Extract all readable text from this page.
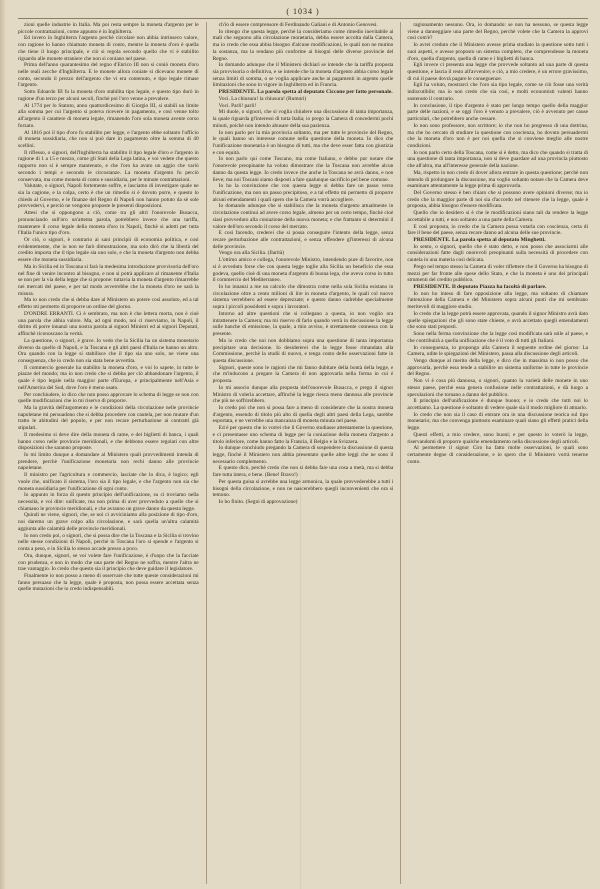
( 1034 )

zioni quelle industrie in Italia. Ma poi resta sempre la moneta d'argento per le piccole contrattazioni, come appunto è in Inghilterra.

Ed invero in Inghilterra l'argento perchè circolare non abbia intrinseco valore, con ragione lo hanno chiamato moneta di conto, mentre la moneta d'oro è quella che tiene il luogo principale, e ciò si regola secondo quello che vi è stabilito riguardo alle monete straniere che non si coniano nel paese.

Prima dell'anno quarantesimo del regno d'Enrico III non si coniò moneta d'oro nelle reali zecche d'Inghilterra. E le monete allora coniate si dicevano monete di conto, secondo il prezzo dell'argento che vi era contenuto, e tipo legale rimase l'argento.

Sotto Edoardo III fu la moneta d'oro stabilita tipo legale, e questo tipo durò in ragione d'un terzo per alcuni secoli, finchè poi l'oro venne a prevalere.

Al 1774 per lo Statuto, anno quattordicesimo di Giorgio III, si stabilì un limite alla somma per cui l'argento si poteva ricevere in pagamento, e così venne tolto all'argento il carattere di moneta legale, rimanendo l'oro sola moneta avente corso forzato.

Al 1816 poi il tipo d'oro fu stabilito per legge, e l'argento ebbe soltanto l'ufficio di moneta sussidiaria, che non si può dare in pagamento oltre la somma di 40 scellini.

Il riflesso, o signori, dell'Inghilterra ha stabilito il tipo legale d'oro e l'argento in ragione di 1 a 15 e mezzo, come gli Stati della Lega latina, e voi vedete che questo rapporto non si è sempre mantenuto, e che l'oro ha avuto un aggio che variò secondo i tempi e secondo le circostanze. La moneta d'argento fu perciò conservata, ma come moneta di conto e sussidiaria, per le minute contrattazioni.

Valutate, o signori, Napoli fortemente soffre, e lasciamo di investigare quale ne sia la cagione, e la colpa, certo è che un rimedio si è dovuto porre, e questo lo chiedo al Governo, e le finanze del Regno di Napoli non hanno potuto da sè sole provvedervi, e perciò ne vengono proposte le presenti disposizioni.

Attesi che si oppongono a ciò, come tra gli altri l'onorevole Busacca, pronunciando sull'oro un'attenta parola, potrebbero invece che una tariffa, mantenere il corso legale della moneta d'oro in Napoli, finchè si adotti per tutta l'Italia l'unico tipo d'oro.

Or ciò, o signori, è contrario ai sani principii di economia politica, e così evidentemente, che io non ne farò dimostrazione, ma solo dirò che la libertà del credito importa che il tipo legale sia uno solo, e che la moneta d'argento non debba essere che moneta sussidiaria.

Ma in Sicilia ed in Toscana si farà la medesima introduzione provvisoria dell'oro nel fine di venire incontro al bisogno, e non si potrà applicare al rimanente d'Italia se non per la via della legge che si propone: tuttavia la moneta d'argento rimarrebbe nei mercati del paese, e per tal modo avverrebbe che la moneta d'oro ne sarà la misura.

Ma io non credo che si debba dare al Ministero un potere così assoluto, ed a tal effetto mi permetto di proporre un ordine del giorno.

D'ONDRE ERRANTI. Ci è sembrato, ma non è che lettera morta, non è cioè una parola che abbia valore. Ma, ad ogni modo, noi ci riserviamo, in Napoli, il diritto di porre innanzi una nostra parola ai signori Ministri ed ai signori Deputati, affinchè riconoscano la verità.

La questione, o signori, è grave. Io vedo che la Sicilia ha un sistema monetario diverso da quello di Napoli, e la Toscana e gli altri paesi d'Italia ne hanno un altro. Ora quando con la legge si stabilisce che il tipo sia uno solo, ne viene una conseguenza, che io credo non sia stata bene avvertita.

Il commercio generale ha stabilito la moneta d'oro, e voi lo sapete, in tutte le piazze del mondo; ma io non credo che si debba per ciò abbandonare l'argento, il quale è tipo legale nella maggior parte d'Europa, e principalmente nell'Asia e nell'America del Sud, dove l'oro è meno usato.

Per conchiudere, io dico che non posso approvare lo schema di legge se non con quelle modificazioni che io mi riservo di proporre.

Ma la gravità dell'argomento e le condizioni della circolazione nelle provincie napoletane mi persuadono che si debba procedere con cautela, per non mutare d'un tratto le abitudini del popolo, e per non recare perturbazione ai contratti già stipulati.

Il medesimo si deve dire della moneta di rame, e dei biglietti di banca, i quali hanno corso nelle provincie meridionali, e che debbono essere regolati con altre disposizioni che saranno proposte.

Io mi limito dunque a domandare al Ministero quali provvedimenti intenda di prendere, perchè l'unificazione monetaria non rechi danno alle provincie napoletane.

Il ministro per l'agricoltura e commercio, lasciate che lo dica, è logico; egli vuole che, unificato il sistema, l'oro sia il tipo legale, e che l'argento non sia che moneta sussidiaria per l'unificazione di ogni conto.

Io appunto in forza di questo principio dell'unificazione, su ci troviamo nella necessità, e voi dite: unificate, ma non prima di aver provveduto a quelle che si chiamano le provincie meridionali, e che avranno un grave danno da questa legge.

Quindi ne viene, signori, che, se noi ci avviciniamo alla posizione di tipo d'oro, noi daremo un grave colpo alla circolazione, e sarà quella un'altra calamità aggiunta alle calamità delle provincie meridionali.

Io non credo poi, o signori, che si possa dire che la Toscana e la Sicilia si trovino nelle stesse condizioni di Napoli, perchè in Toscana l'oro si spende e l'argento si conta a peso, e in Sicilia lo stesso accade presso a poco.

Ora, dunque, signori, se voi volete fare l'unificazione, è d'uopo che la facciate con prudenza, e non in modo che una parte del Regno ne soffra, mentre l'altra ne trae vantaggio. Io credo che questo sia il principio che deve guidare il legislatore.

Finalmente io non posso a meno di osservare che tutte queste considerazioni mi fanno persuaso che la legge, quale è proposta, non possa essere accettata senza quelle mutazioni che io credo indispensabili.

ch'io di essere comprensore di Ferdinando Galiani e di Antonio Genovesi.

Io ritengo che questa legge, perchè la consideriamo come rimedio inevitabile ai mali che seguono alla circolazione monetaria, debba essere accolta dalla Camera, ma io credo che essa abbia bisogno d'alcune modificazioni, le quali non ne mutino la sostanza, ma la rendano più conforme ai bisogni delle diverse provincie del Regno.

Io domando adunque che il Ministero dichiari se intende che la tariffa proposta sia provvisoria o definitiva, e se intende che la moneta d'argento abbia corso legale senza limiti di somma, o se voglia applicare anche ai pagamenti in argento quelle limitazioni che sono in vigore in Inghilterra ed in Francia.

PRESIDENTE. La parola spetta al deputato Ciccone per fatto personale.

Voci. La chiusura! la chiusura! (Rumori)

Voci. Parli! parli!

Mi duole, o signori, che si voglia chiudere una discussione di tanta importanza, la quale riguarda gl'interessi di tutta Italia; io prego la Camera di concedermi pochi minuti, poichè non intendo abusare della sua pazienza.

Io non parlo per la mia provincia soltanto, ma per tutte le provincie del Regno, le quali hanno un interesse comune nella questione della moneta. Io dico che l'unificazione monetaria è un bisogno di tutti, ma che deve esser fatta con giustizia e con equità.

Io non parlo qui come Toscano, ma come Italiano, e debbo pur notare che l'onorevole preopinante ha voluto dimostrare che la Toscana non avrebbe alcun danno da questa legge. Io credo invece che anche la Toscana ne avrà danno, e non lieve; ma noi Toscani siamo disposti a fare qualunque sacrificio pel bene comune.

Io ho la convinzione che con questa legge si debba fare un passo verso l'unificazione, ma non un passo precipitoso, e a tal effetto mi permetto di proporre alcuni emendamenti i quali spero che la Camera vorrà accogliere.

Io domando adunque che si stabilisca che la moneta d'argento attualmente in circolazione continui ad avere corso legale, almeno per un certo tempo, finchè cioè siasi provveduto alla coniazione della nuova moneta; e che frattanto si determini il valore dell'oro secondo il corso del mercato.

E così facendo, crederei che si possa conseguire l'intento della legge, senza recare perturbazione alle contrattazioni, e senza offendere gl'interessi di alcuna delle provincie.

Vengo ora alla Sicilia. (Ilarità)

L'ottimo amico e collega, l'onorevole Ministro, intendendo pure di favorire, non si è avveduto forse che con questa legge toglie alla Sicilia un beneficio che essa godeva, quello cioè di una moneta d'argento di buona lega, che aveva corso in tutto il commercio del Mediterraneo.

Io ho innanzi a me un calcolo che dimostra come nella sola Sicilia esistano in circolazione oltre a cento milioni di lire in moneta d'argento, le quali col nuovo sistema verrebbero ad essere deprezzate; e questo danno cadrebbe specialmente sopra i piccoli possidenti e sopra i lavoratori.

Intorno ad altre questioni che si collegano a questa, io non voglio ora intrattenere la Camera; ma mi riservo di farlo quando verrà in discussione la legge sulle banche di emissione, la quale, a mio avviso, è strettamente connessa con la presente.

Ma io credo che noi non dobbiamo sopra una questione di tanta importanza precipitare una decisione. Io desidererei che la legge fosse rimandata alla Commissione, perchè la studii di nuovo, e tenga conto delle osservazioni fatte in questa discussione.

Signori, queste sono le ragioni che mi fanno dubitare della bontà della legge, e che m'inducono a pregare la Camera di non approvarla nella forma in cui è proposta.

Io mi associo dunque alla proposta dell'onorevole Busacca, e prego il signor Ministro di volerla accettare, affinchè la legge riesca meno dannosa alle provincie che più ne soffrirebbero.

Io credo poi che non si possa fare a meno di considerare che la nostra moneta d'argento, essendo di titolo più alto di quella degli altri paesi della Lega, sarebbe esportata, e ne verrebbe una mancanza di moneta minuta nel paese.

Ed è per questo che io vorrei che il Governo studiasse attentamente la questione, e ci presentasse uno schema di legge per la coniazione della moneta d'argento a titolo inferiore, come hanno fatto la Francia, il Belgio e la Svizzera.

Io dunque conchiudo pregando la Camera di sospendere la discussione di questa legge, finchè il Ministero non abbia presentato quelle altre leggi che ne sono il necessario complemento.

E questo dico, perchè credo che non si debba fare una cosa a metà, ma si debba fare tutta intera, e bene. (Bene! Bravo!)

Per questa guisa si avrebbe una legge armonica, la quale provvederebbe a tutti i bisogni della circolazione, e non ne nascerebbero quegli inconvenienti che ora si temono.

Io ho finito. (Segni di approvazione)

ragionamento nessuno. Ora, io domando: se non ha nessuno, se questa legge viene a danneggiare una parte del Regno, perchè volete che la Camera la approvi così com'è?

Io avrei creduto che il Ministero avesse prima studiato la questione sotto tutti i suoi aspetti, e avesse proposto un sistema completo, che comprendesse la moneta d'oro, quella d'argento, quella di rame e i biglietti di banca.

Egli invece ci presenta una legge che provvede soltanto ad una parte di questa questione, e lascia il resto all'avvenire; e ciò, a mio credere, è un errore gravissimo, di cui il paese dovrà pagare le conseguenze.

Egli ha voluto, mostrarci che l'oro sia tipo legale, come se ciò fosse una verità indiscutibile; ma io non credo che sia così, e molti economisti valenti hanno sostenuto il contrario.

In conclusione, il tipo d'argento è stato per lungo tempo quello della maggior parte delle nazioni, e se oggi l'oro è venuto a prevalere, ciò è avvenuto per cause particolari, che potrebbero anche cessare.

Io non sono professore, non scrittore; io che non ho pregresso di una dottrina, ma che ho cercato di studiare la questione con coscienza, ho dovuto persuadermi che la moneta d'oro non è per noi quella che si conviene meglio alle nostre condizioni.

Io non parlo certo della Toscana, come si è detto, ma dico che quando si tratta di una questione di tanta importanza, non si deve guardare ad una provincia piuttosto che all'altra, ma all'interesse generale della nazione.

Ma, rispetto in non credo di dover allora entrare in questa questione; perchè non intendo di prolungare la discussione, ma voglio soltanto notare che la Camera deve esaminare attentamente la legge prima di approvarla.

Del Governo stesso è ben chiaro che si possono avere opinioni diverse; ma io credo che la maggior parte di noi sia d'accordo nel ritenere che la legge, quale è proposta, abbia bisogno d'essere modificata.

Quello che io desidero si è che le modificazioni siano tali da rendere la legge accettabile a tutti, e non soltanto a una parte della Camera.

E così proposta, io credo che la Camera possa votarla con coscienza, certa di fare il bene del paese, senza recare danno ad alcuna delle sue provincie.

PRESIDENTE. La parola spetta al deputato Minghetti.

Io sento, o signori, quello che è stato detto, e non posso che associarmi alle considerazioni fatte dagli onorevoli preopinanti sulla necessità di procedere con cautela in una materia così delicata.

Prego nel tempo stesso la Camera di voler riflettere che il Governo ha bisogno di mezzi per far fronte alle spese dello Stato, e che la moneta è uno dei principali strumenti del credito pubblico.

PRESIDENTE. Il deputato Piazza ha facoltà di parlare.

Io non ho inteso di fare opposizione alla legge, ma soltanto di chiamare l'attenzione della Camera e del Ministero sopra alcuni punti che mi sembrano meritevoli di maggiore studio.

Io credo che la legge potrà essere approvata, quando il signor Ministro avrà dato quelle spiegazioni che gli sono state chieste, e avrà accettato quegli emendamenti che sono stati proposti.

Sono nella ferma convinzione che la legge così modificata sarà utile al paese, e che contribuirà a quella unificazione che è il voto di tutti gli Italiani.

In conseguenza, io propongo alla Camera il seguente ordine del giorno: La Camera, udite le spiegazioni del Ministero, passa alla discussione degli articoli.

Vengo dunque al merito della legge, e dico che in massima io non posso che approvarla, perchè essa tende a stabilire un sistema uniforme in tutte le provincie del Regno.

Non vi è cosa più dannosa, o signori, quanto la varietà delle monete in uno stesso paese, perchè essa genera confusione nelle contrattazioni, e dà luogo a speculazioni che tornano a danno del pubblico.

Il principio dell'unificazione è dunque buono; e io credo che tutti noi lo accettiamo. La questione è soltanto di vedere quale sia il modo migliore di attuarlo.

Io credo che non sia il caso di entrare ora in una discussione teorica sul tipo monetario; ma che convenga piuttosto esaminare quali siano gli effetti pratici della legge.

Questi effetti, a mio credere, sono buoni; e per questo io voterò la legge, riservandomi di proporre qualche emendamento nella discussione degli articoli.

Al permettere il signor Ciro ha fatto molte osservazioni, le quali sono certamente degne di considerazione, e io spero che il Ministero vorrà tenerne conto.
